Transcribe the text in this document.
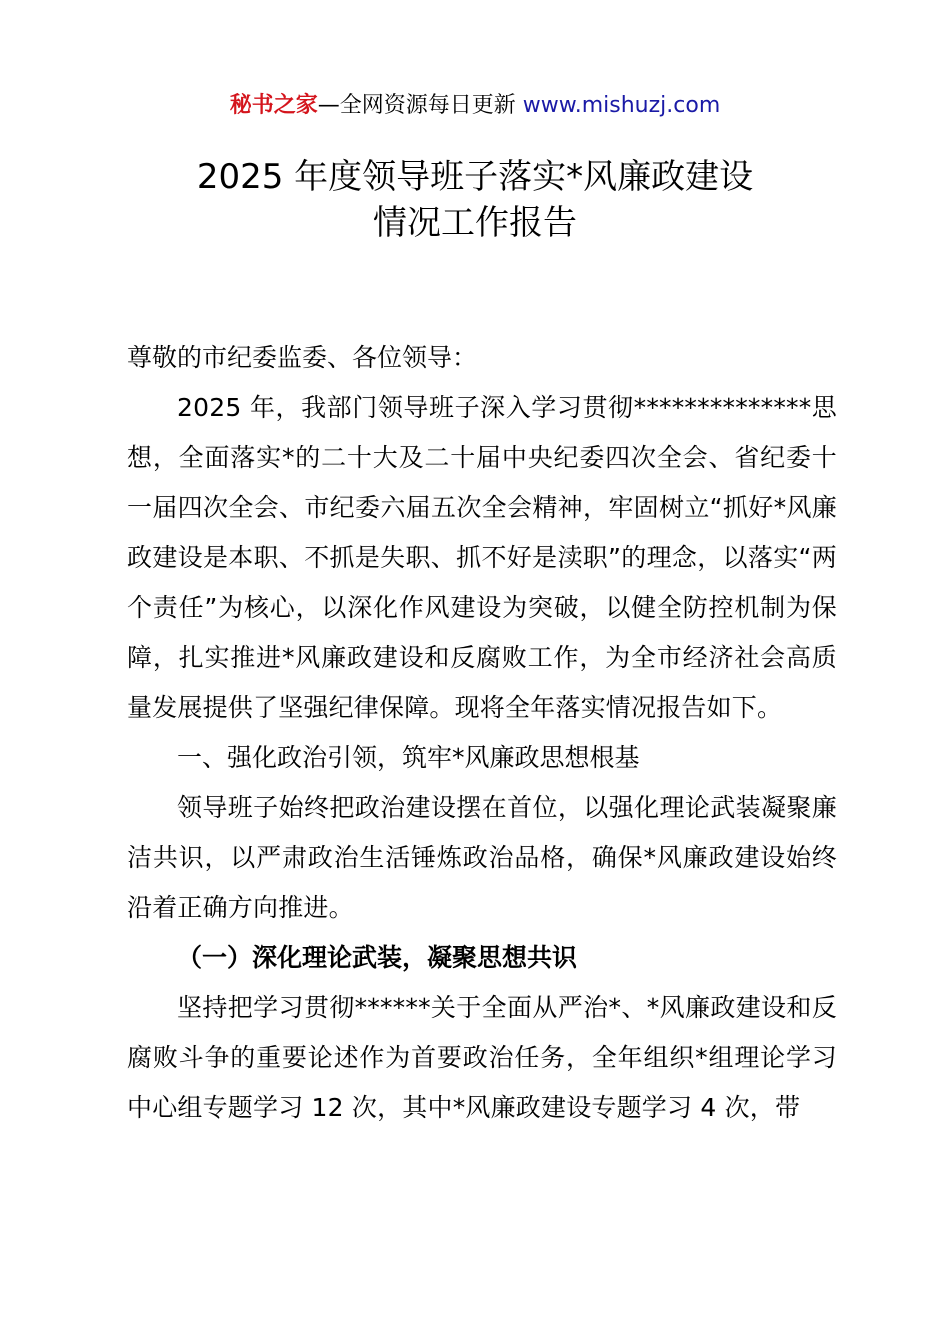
秘书之家—全网资源每日更新 www.mishuzj.com
2025 年度领导班子落实*风廉政建设
情况工作报告

尊敬的市纪委监委、各位领导：

2025 年，我部门领导班子深入学习贯彻**************思想，全面落实*的二十大及二十届中央纪委四次全会、省纪委十一届四次全会、市纪委六届五次全会精神，牢固树立“抓好*风廉政建设是本职、不抓是失职、抓不好是渎职”的理念，以落实“两个责任”为核心，以深化作风建设为突破，以健全防控机制为保障，扎实推进*风廉政建设和反腐败工作，为全市经济社会高质量发展提供了坚强纪律保障。现将全年落实情况报告如下。

一、强化政治引领，筑牢*风廉政思想根基

领导班子始终把政治建设摆在首位，以强化理论武装凝聚廉洁共识，以严肃政治生活锤炼政治品格，确保*风廉政建设始终沿着正确方向推进。

（一）深化理论武装，凝聚思想共识

坚持把学习贯彻******关于全面从严治*、*风廉政建设和反腐败斗争的重要论述作为首要政治任务，全年组织*组理论学习中心组专题学习 12 次，其中*风廉政建设专题学习 4 次，带
